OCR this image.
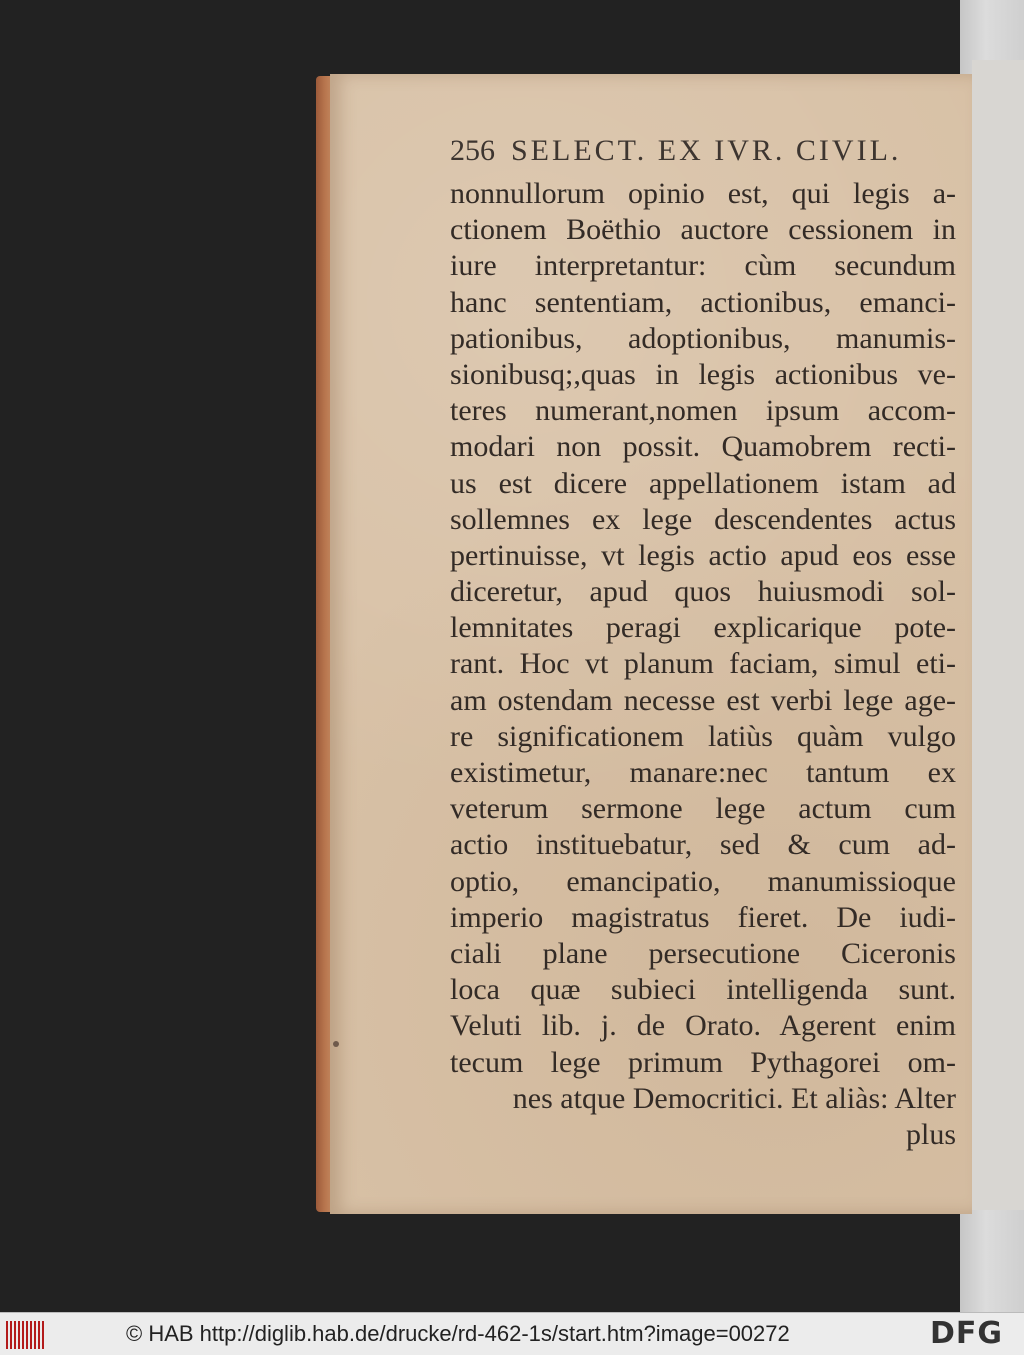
256 SELECT. EX IVR. CIVIL.
nonnullorum opinio est, qui legis a-
ctionem Boëthio auctore cessionem in
iure interpretantur: cùm secundum
hanc sententiam, actionibus, emanci-
pationibus, adoptionibus, manumis-
sionibusq;,quas in legis actionibus ve-
teres numerant,nomen ipsum accom-
modari non possit. Quamobrem recti-
us est dicere appellationem istam ad
sollemnes ex lege descendentes actus
pertinuisse, vt legis actio apud eos esse
diceretur, apud quos huiusmodi sol-
lemnitates peragi explicarique pote-
rant. Hoc vt planum faciam, simul eti-
am ostendam necesse est verbi lege age-
re significationem latiùs quàm vulgo
existimetur, manare:nec tantum ex
veterum sermone lege actum cum
actio instituebatur, sed & cum ad-
optio, emancipatio, manumissioque
imperio magistratus fieret. De iudi-
ciali plane persecutione Ciceronis
loca quæ subieci intelligenda sunt.
Veluti lib. j. de Orato. Agerent enim
tecum lege primum Pythagorei om-
nes atque Democritici. Et aliàs: Alter
plus
© HAB http://diglib.hab.de/drucke/rd-462-1s/start.htm?image=00272	DFG
